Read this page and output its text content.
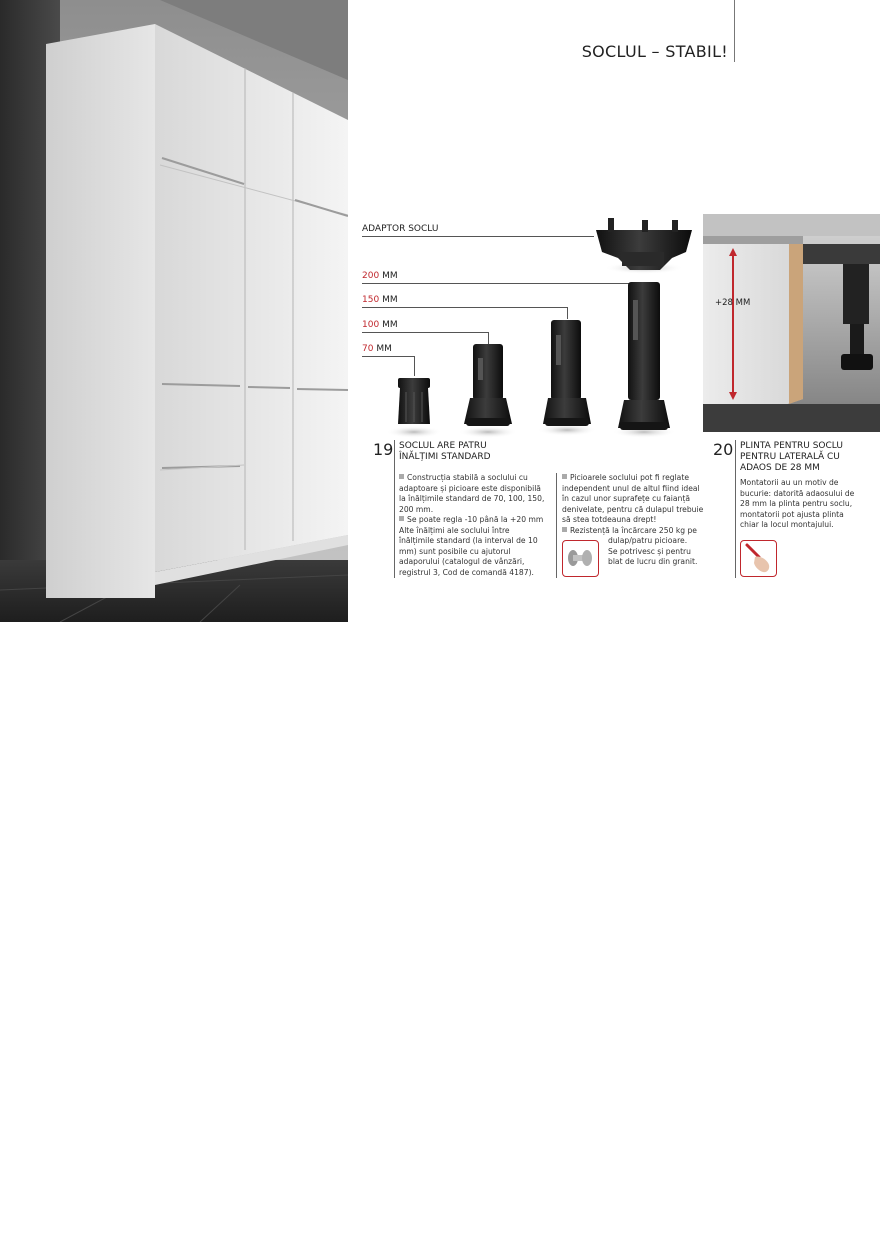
SOCLUL – STABIL!
ADAPTOR SOCLU
200 MM
150 MM
100 MM
70 MM
+28 MM
19 SOCLUL ARE PATRU
ÎNĂLȚIMI STANDARD
Construcția stabilă a soclului cu adaptoare și picioare este disponibilă la înălțimile standard de 70, 100, 150, 200 mm.
Se poate regla -10 până la +20 mm Alte înălțimi ale soclului între înălțimile standard (la interval de 10 mm) sunt posibile cu ajutorul adaporului (catalogul de vânzări, registrul 3, Cod de comandă 4187).
Picioarele soclului pot fi reglate independent unul de altul fiind ideal în cazul unor suprafețe cu faianță denivelate, pentru că dulapul trebuie să stea totdeauna drept!
Rezistență la încărcare 250 kg pe
dulap/patru picioare.
Se potrivesc și pentru
blat de lucru din granit.
20 PLINTA PENTRU SOCLU
PENTRU LATERALĂ CU
ADAOS DE 28 MM
Montatorii au un motiv de bucurie: datorită adaosului de 28 mm la plinta pentru soclu, montatorii pot ajusta plinta chiar la locul montajului.
